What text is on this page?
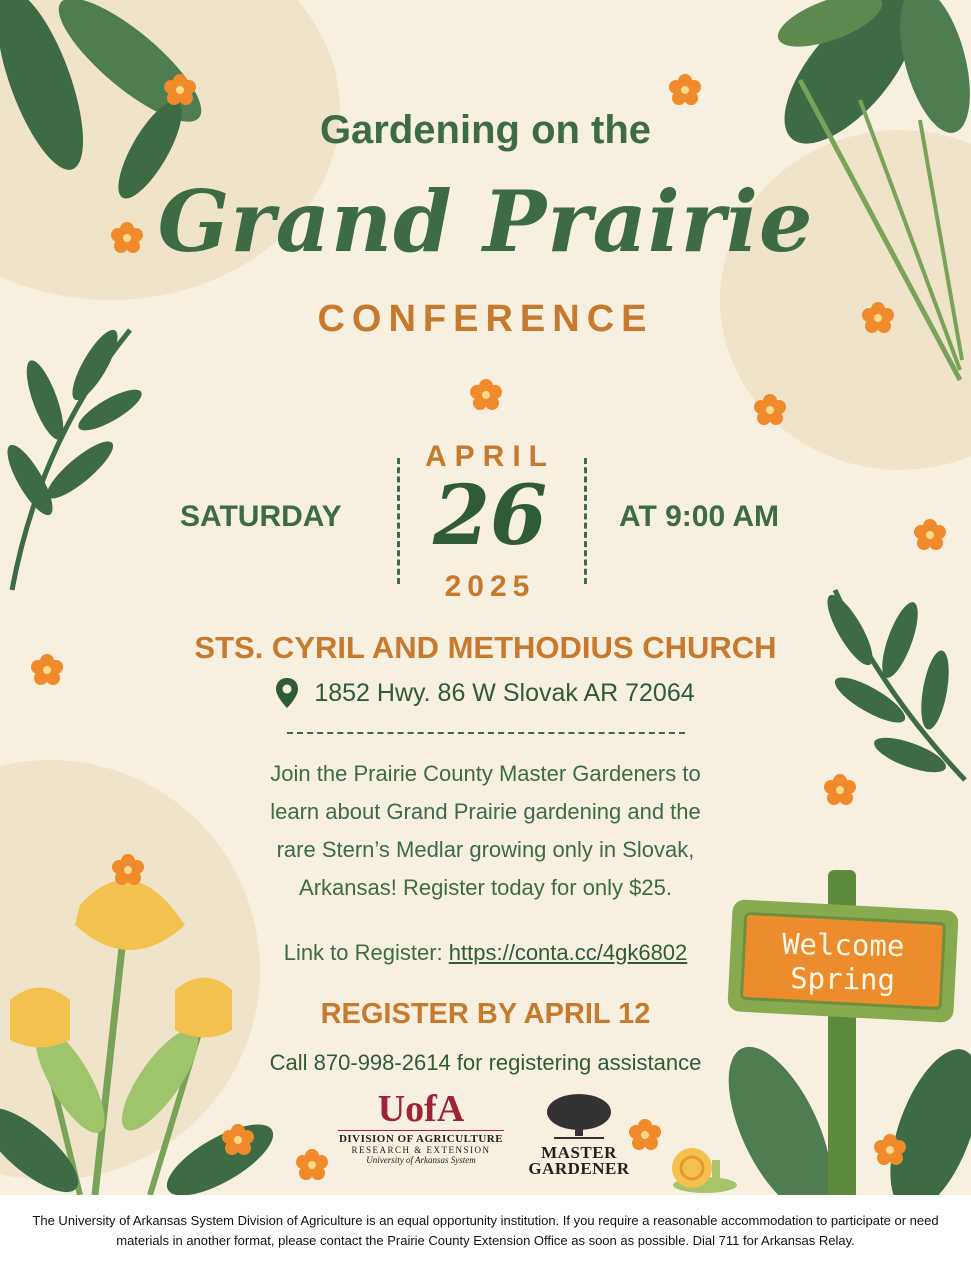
Gardening on the
Grand Prairie
CONFERENCE
SATURDAY
APRIL
26
2025
AT 9:00 AM
STS. CYRIL AND METHODIUS CHURCH
1852 Hwy. 86 W Slovak AR 72064
Join the Prairie County Master Gardeners to
learn about Grand Prairie gardening and the
rare Stern’s Medlar growing only in Slovak,
Arkansas! Register today for only $25.
Link to Register: https://conta.cc/4gk6802
REGISTER BY APRIL 12
Call 870-998-2614 for registering assistance
UofA
DIVISION OF AGRICULTURE
RESEARCH & EXTENSION
University of Arkansas System	MASTER
GARDENER
Welcome
Spring
The University of Arkansas System Division of Agriculture is an equal opportunity institution. If you require a reasonable accommodation to participate or need materials in another format, please contact the Prairie County Extension Office as soon as possible. Dial 711 for Arkansas Relay.
